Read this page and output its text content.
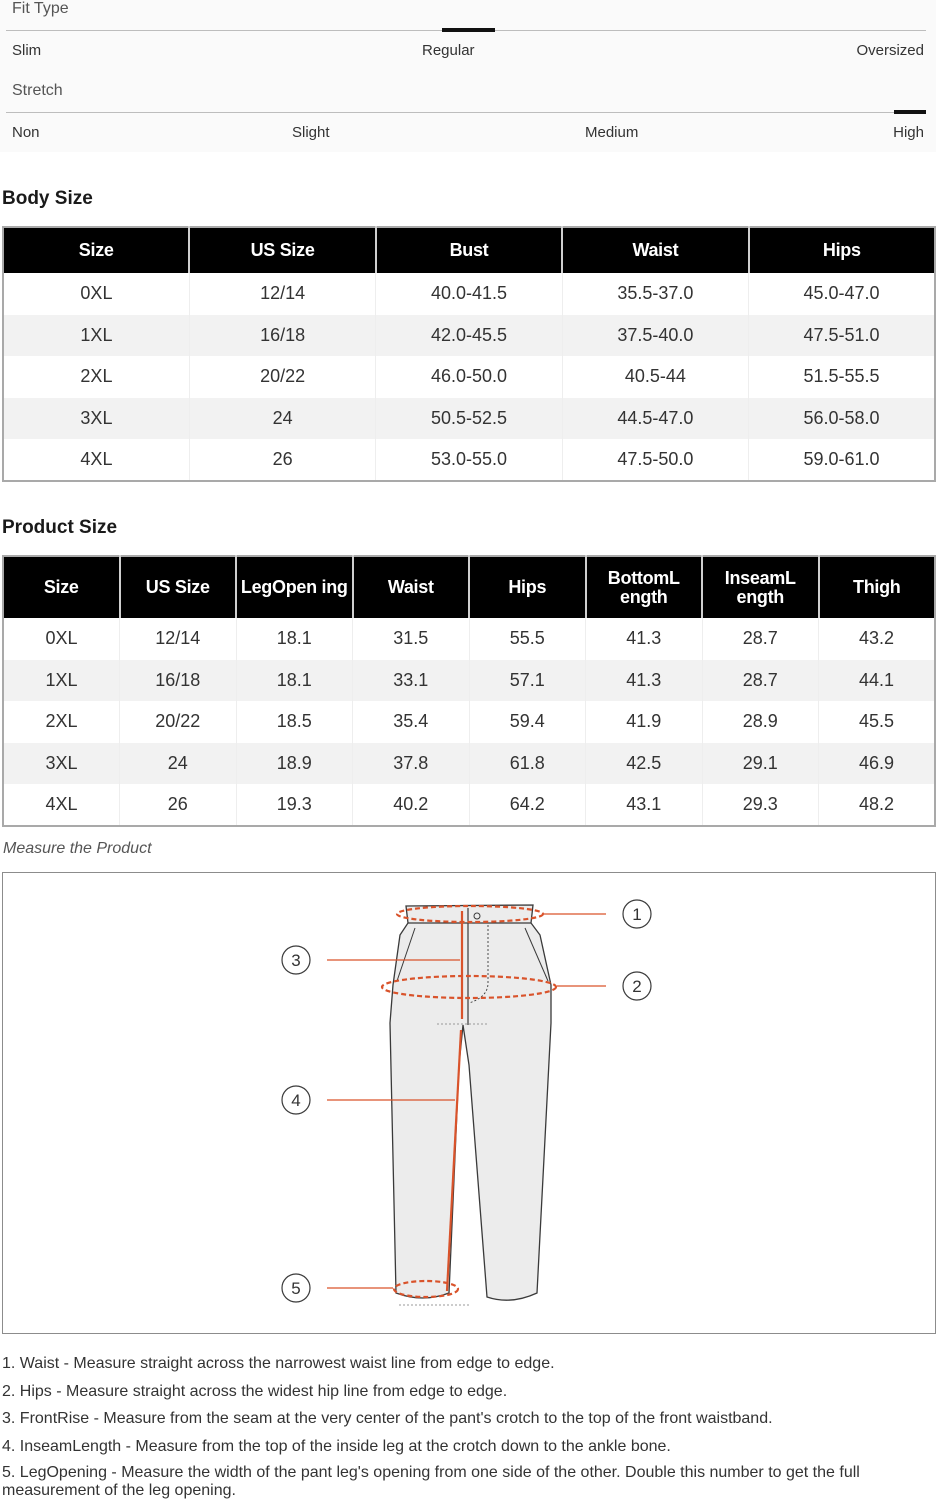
Fit Type
Slim	Regular	Oversized
Stretch
Non	Slight	Medium	High
Body Size
Size	US Size	Bust	Waist	Hips
0XL	12/14	40.0-41.5	35.5-37.0	45.0-47.0
1XL	16/18	42.0-45.5	37.5-40.0	47.5-51.0
2XL	20/22	46.0-50.0	40.5-44	51.5-55.5
3XL	24	50.5-52.5	44.5-47.0	56.0-58.0
4XL	26	53.0-55.0	47.5-50.0	59.0-61.0
Product Size
Size	US Size	LegOpen ing	Waist	Hips	BottomL ength	InseamL ength	Thigh
0XL	12/14	18.1	31.5	55.5	41.3	28.7	43.2
1XL	16/18	18.1	33.1	57.1	41.3	28.7	44.1
2XL	20/22	18.5	35.4	59.4	41.9	28.9	45.5
3XL	24	18.9	37.8	61.8	42.5	29.1	46.9
4XL	26	19.3	40.2	64.2	43.1	29.3	48.2
Measure the Product
1
2
3
4
5
1. Waist - Measure straight across the narrowest waist line from edge to edge.
2. Hips - Measure straight across the widest hip line from edge to edge.
3. FrontRise - Measure from the seam at the very center of the pant's crotch to the top of the front waistband.
4. InseamLength - Measure from the top of the inside leg at the crotch down to the ankle bone.
5. LegOpening - Measure the width of the pant leg's opening from one side of the other. Double this number to get the full measurement of the leg opening.
